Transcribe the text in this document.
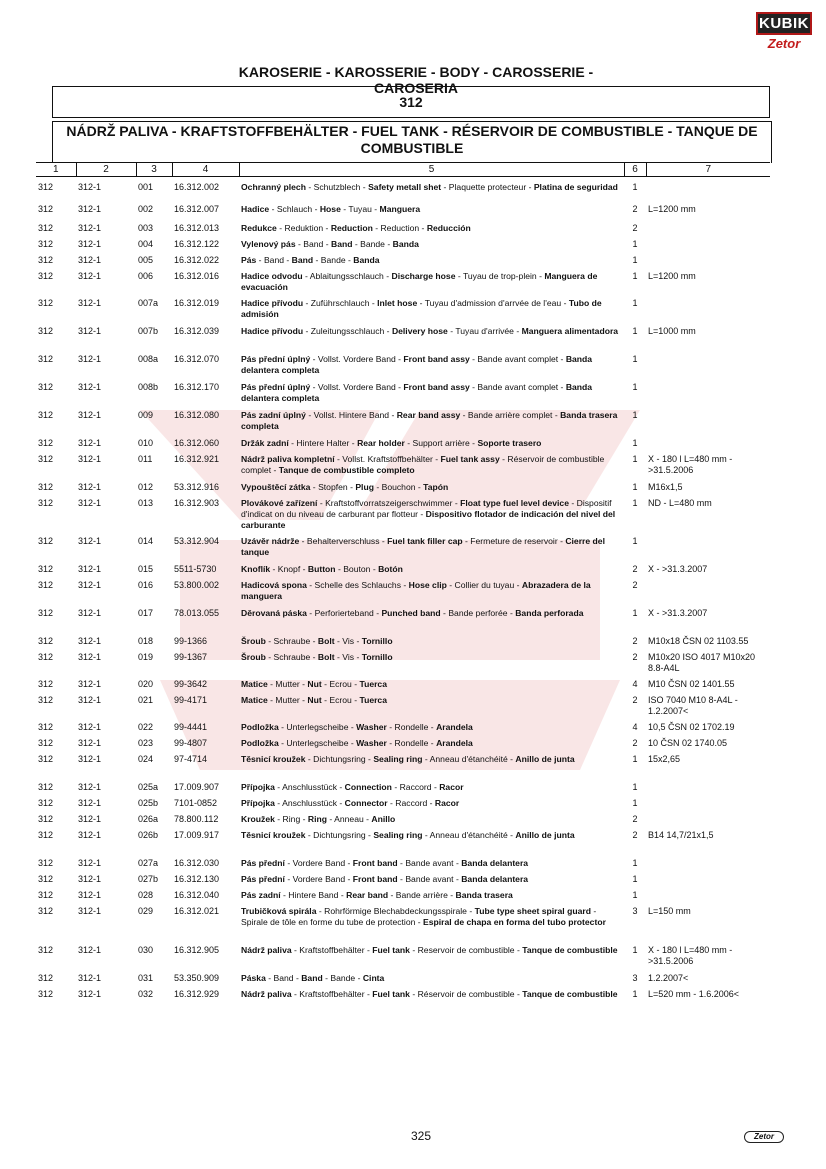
KUBIK
Zetor
KAROSERIE - KAROSSERIE - BODY - CAROSSERIE - CAROSERIA
312
NÁDRŽ PALIVA - KRAFTSTOFFBEHÄLTER - FUEL TANK - RÉSERVOIR DE COMBUSTIBLE - TANQUE DE
COMBUSTIBLE
1	2	3	4	5	6	7
312	312-1	001	16.312.002	Ochranný plech - Schutzblech - Safety metall shet - Plaquette protecteur - Platina de seguridad	1	
312	312-1	002	16.312.007	Hadice - Schlauch - Hose - Tuyau - Manguera	2	L=1200 mm
312	312-1	003	16.312.013	Redukce - Reduktion - Reduction - Reduction - Reducción	2	
312	312-1	004	16.312.122	Vylenový pás - Band - Band - Bande - Banda	1	
312	312-1	005	16.312.022	Pás - Band - Band - Bande - Banda	1	
312	312-1	006	16.312.016	Hadice odvodu - Ablaitungsschlauch - Discharge hose - Tuyau de trop-plein - Manguera de evacuación	1	L=1200 mm
312	312-1	007a	16.312.019	Hadice přívodu - Zuführschlauch - Inlet hose - Tuyau d'admission d'arrvée de l'eau - Tubo de admisión	1	
312	312-1	007b	16.312.039	Hadice přívodu - Zuleitungsschlauch - Delivery hose - Tuyau d'arrivée - Manguera alimentadora	1	L=1000 mm
312	312-1	008a	16.312.070	Pás přední úplný - Vollst. Vordere Band - Front band assy - Bande avant complet - Banda delantera completa	1	
312	312-1	008b	16.312.170	Pás přední úplný - Vollst. Vordere Band - Front band assy - Bande avant complet - Banda delantera completa	1	
312	312-1	009	16.312.080	Pás zadní úplný - Vollst. Hintere Band - Rear band assy - Bande arrière complet - Banda trasera completa	1	
312	312-1	010	16.312.060	Držák zadní - Hintere Halter - Rear holder - Support arrière - Soporte trasero	1	
312	312-1	011	16.312.921	Nádrž paliva kompletní - Vollst. Kraftstoffbehälter - Fuel tank assy - Réservoir de combustible complet - Tanque de combustible completo	1	X - 180 l L=480 mm - >31.5.2006
312	312-1	012	53.312.916	Vypouštěcí zátka - Stopfen - Plug - Bouchon - Tapón	1	M16x1,5
312	312-1	013	16.312.903	Plovákové zařízení - Kraftstoffvorratszeigerschwimmer - Float type fuel level device - Dispositif d'indicat on du niveau de carburant par flotteur - Dispositivo flotador de indicación del nivel del carburante	1	ND - L=480 mm
312	312-1	014	53.312.904	Uzávěr nádrže - Behalterverschluss - Fuel tank filler cap - Fermeture de reservoir - Cierre del tanque	1	
312	312-1	015	5511-5730	Knoflík - Knopf - Button - Bouton - Botón	2	X - >31.3.2007
312	312-1	016	53.800.002	Hadicová spona - Schelle des Schlauchs - Hose clip - Collier du tuyau - Abrazadera de la manguera	2	
312	312-1	017	78.013.055	Děrovaná páska - Perforierteband - Punched band - Bande perforée - Banda perforada	1	X - >31.3.2007
312	312-1	018	99-1366	Šroub - Schraube - Bolt - Vis - Tornillo	2	M10x18 ČSN 02 1103.55
312	312-1	019	99-1367	Šroub - Schraube - Bolt - Vis - Tornillo	2	M10x20 ISO 4017 M10x20 8.8-A4L
312	312-1	020	99-3642	Matice - Mutter - Nut - Ecrou - Tuerca	4	M10 ČSN 02 1401.55
312	312-1	021	99-4171	Matice - Mutter - Nut - Ecrou - Tuerca	2	ISO 7040 M10 8-A4L - 1.2.2007<
312	312-1	022	99-4441	Podložka - Unterlegscheibe - Washer - Rondelle - Arandela	4	10,5 ČSN 02 1702.19
312	312-1	023	99-4807	Podložka - Unterlegscheibe - Washer - Rondelle - Arandela	2	10 ČSN 02 1740.05
312	312-1	024	97-4714	Těsnicí kroužek - Dichtungsring - Sealing ring - Anneau d'étanchéité - Anillo de junta	1	15x2,65
312	312-1	025a	17.009.907	Přípojka - Anschlusstück - Connection - Raccord - Racor	1	
312	312-1	025b	7101-0852	Přípojka - Anschlusstück - Connector - Raccord - Racor	1	
312	312-1	026a	78.800.112	Kroužek - Ring - Ring - Anneau - Anillo	2	
312	312-1	026b	17.009.917	Těsnicí kroužek - Dichtungsring - Sealing ring - Anneau d'étanchéité - Anillo de junta	2	B14 14,7/21x1,5
312	312-1	027a	16.312.030	Pás přední - Vordere Band - Front band - Bande avant - Banda delantera	1	
312	312-1	027b	16.312.130	Pás přední - Vordere Band - Front band - Bande avant - Banda delantera	1	
312	312-1	028	16.312.040	Pás zadní - Hintere Band - Rear band - Bande arrière - Banda trasera	1	
312	312-1	029	16.312.021	Trubičková spirála - Rohrförmige Blechabdeckungsspirale - Tube type sheet spiral guard - Spirale de tôle en forme du tube de protection - Espiral de chapa en forma del tubo protector	3	L=150 mm
312	312-1	030	16.312.905	Nádrž paliva - Kraftstoffbehälter - Fuel tank - Reservoir de combustible - Tanque de combustible	1	X - 180 l L=480 mm - >31.5.2006
312	312-1	031	53.350.909	Páska - Band - Band - Bande - Cinta	3	1.2.2007<
312	312-1	032	16.312.929	Nádrž paliva - Kraftstoffbehälter - Fuel tank - Réservoir de combustible - Tanque de combustible	1	L=520 mm - 1.6.2006<
325	Zetor
